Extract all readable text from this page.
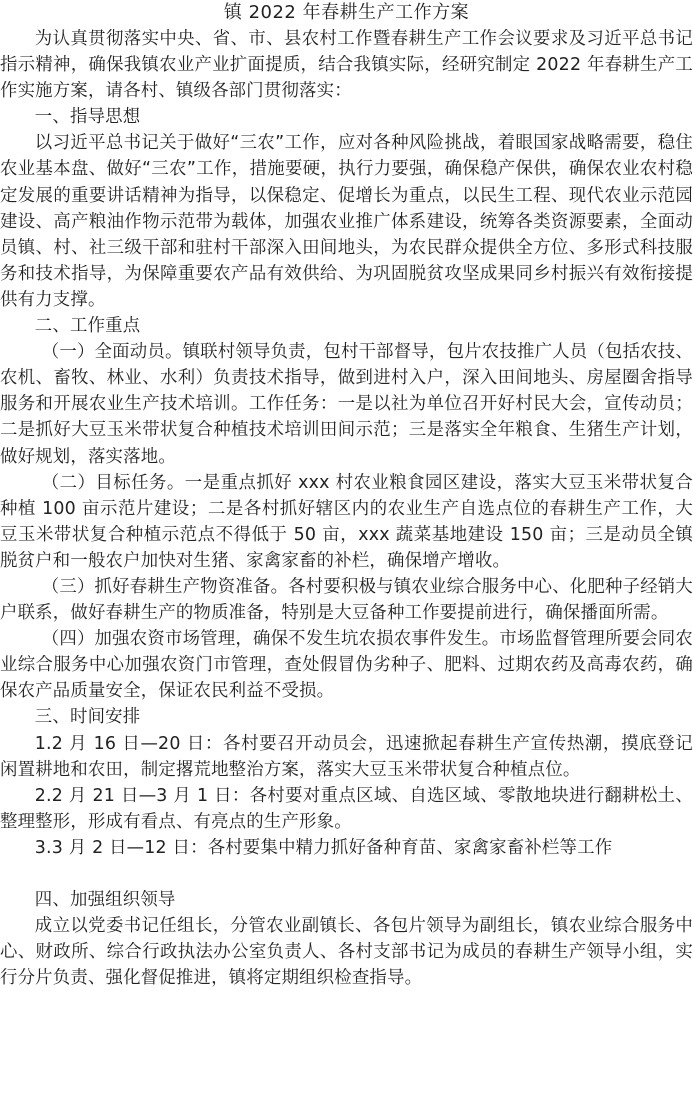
镇 2022 年春耕生产工作方案

为认真贯彻落实中央、省、市、县农村工作暨春耕生产工作会议要求及习近平总书记指示精神，确保我镇农业产业扩面提质，结合我镇实际，经研究制定 2022 年春耕生产工作实施方案，请各村、镇级各部门贯彻落实：

一、指导思想

以习近平总书记关于做好“三农”工作，应对各种风险挑战，着眼国家战略需要，稳住农业基本盘、做好“三农”工作，措施要硬，执行力要强，确保稳产保供，确保农业农村稳定发展的重要讲话精神为指导，以保稳定、促增长为重点，以民生工程、现代农业示范园建设、高产粮油作物示范带为载体，加强农业推广体系建设，统筹各类资源要素，全面动员镇、村、社三级干部和驻村干部深入田间地头，为农民群众提供全方位、多形式科技服务和技术指导，为保障重要农产品有效供给、为巩固脱贫攻坚成果同乡村振兴有效衔接提供有力支撑。

二、工作重点

（一）全面动员。镇联村领导负责，包村干部督导，包片农技推广人员（包括农技、农机、畜牧、林业、水利）负责技术指导，做到进村入户，深入田间地头、房屋圈舍指导服务和开展农业生产技术培训。工作任务：一是以社为单位召开好村民大会，宣传动员；二是抓好大豆玉米带状复合种植技术培训田间示范；三是落实全年粮食、生猪生产计划，做好规划，落实落地。

（二）目标任务。一是重点抓好 xxx 村农业粮食园区建设，落实大豆玉米带状复合种植 100 亩示范片建设；二是各村抓好辖区内的农业生产自选点位的春耕生产工作，大豆玉米带状复合种植示范点不得低于 50 亩，xxx 蔬菜基地建设 150 亩；三是动员全镇脱贫户和一般农户加快对生猪、家禽家畜的补栏，确保增产增收。

（三）抓好春耕生产物资准备。各村要积极与镇农业综合服务中心、化肥种子经销大户联系，做好春耕生产的物质准备，特别是大豆备种工作要提前进行，确保播面所需。

（四）加强农资市场管理，确保不发生坑农损农事件发生。市场监督管理所要会同农业综合服务中心加强农资门市管理，查处假冒伪劣种子、肥料、过期农药及高毒农药，确保农产品质量安全，保证农民利益不受损。

三、时间安排

1.2 月 16 日—20 日：各村要召开动员会，迅速掀起春耕生产宣传热潮，摸底登记闲置耕地和农田，制定撂荒地整治方案，落实大豆玉米带状复合种植点位。

2.2 月 21 日—3 月 1 日：各村要对重点区域、自选区域、零散地块进行翻耕松土、整理整形，形成有看点、有亮点的生产形象。

3.3 月 2 日—12 日：各村要集中精力抓好备种育苗、家禽家畜补栏等工作

四、加强组织领导

成立以党委书记任组长，分管农业副镇长、各包片领导为副组长，镇农业综合服务中心、财政所、综合行政执法办公室负责人、各村支部书记为成员的春耕生产领导小组，实行分片负责、强化督促推进，镇将定期组织检查指导。
